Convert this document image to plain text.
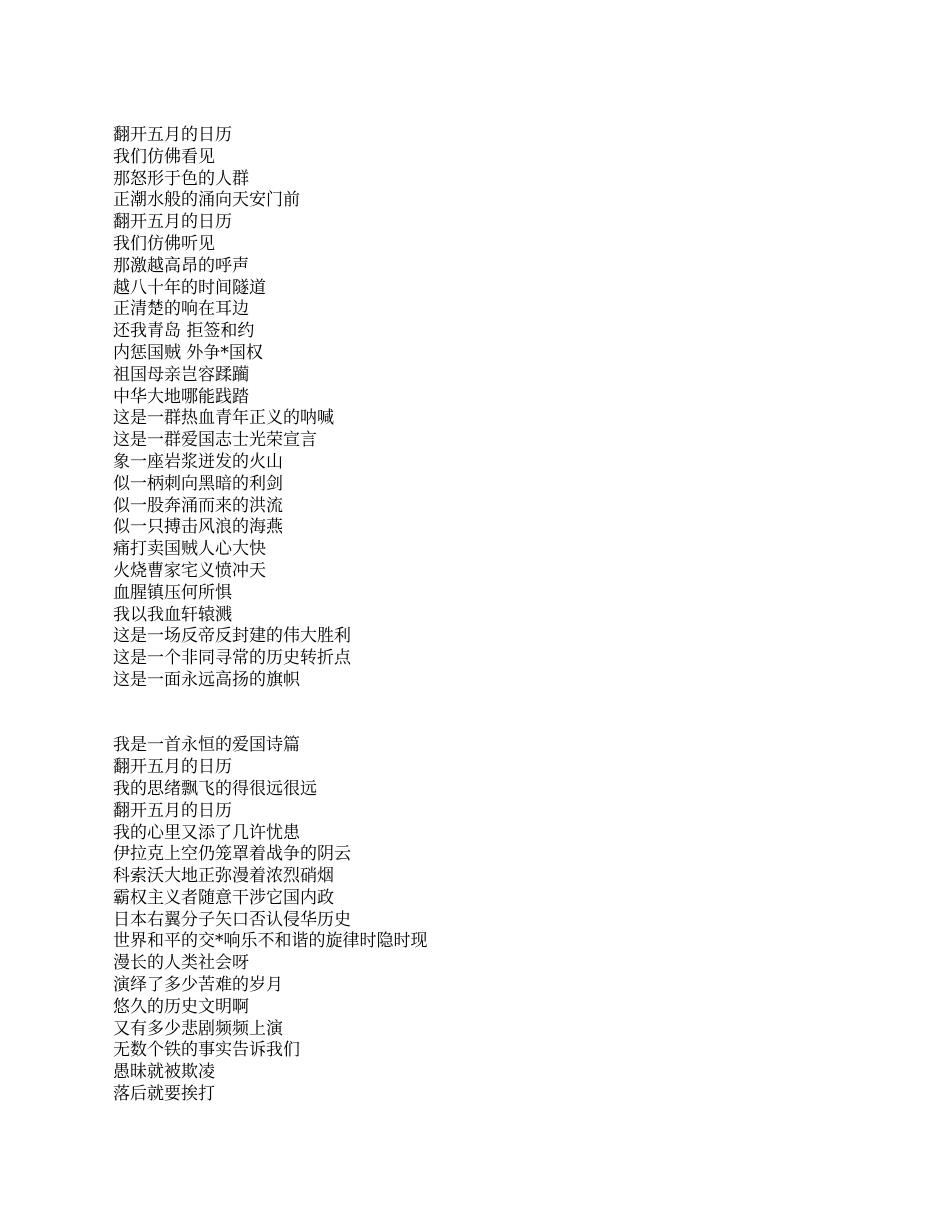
翻开五月的日历

我们仿佛看见

那怒形于色的人群

正潮水般的涌向天安门前

翻开五月的日历

我们仿佛听见

那激越高昂的呼声

越八十年的时间隧道

正清楚的响在耳边

还我青岛 拒签和约

内惩国贼 外争*国权

祖国母亲岂容蹂躏

中华大地哪能践踏

这是一群热血青年正义的呐喊

这是一群爱国志士光荣宣言

象一座岩浆迸发的火山

似一柄刺向黑暗的利剑

似一股奔涌而来的洪流

似一只搏击风浪的海燕

痛打卖国贼人心大快

火烧曹家宅义愤冲天

血腥镇压何所惧

我以我血轩辕溅

这是一场反帝反封建的伟大胜利

这是一个非同寻常的历史转折点

这是一面永远高扬的旗帜

我是一首永恒的爱国诗篇

翻开五月的日历

我的思绪飘飞的得很远很远

翻开五月的日历

我的心里又添了几许忧患

伊拉克上空仍笼罩着战争的阴云

科索沃大地正弥漫着浓烈硝烟

霸权主义者随意干涉它国内政

日本右翼分子矢口否认侵华历史

世界和平的交*响乐不和谐的旋律时隐时现

漫长的人类社会呀

演绎了多少苦难的岁月

悠久的历史文明啊

又有多少悲剧频频上演

无数个铁的事实告诉我们

愚昧就被欺凌

落后就要挨打
